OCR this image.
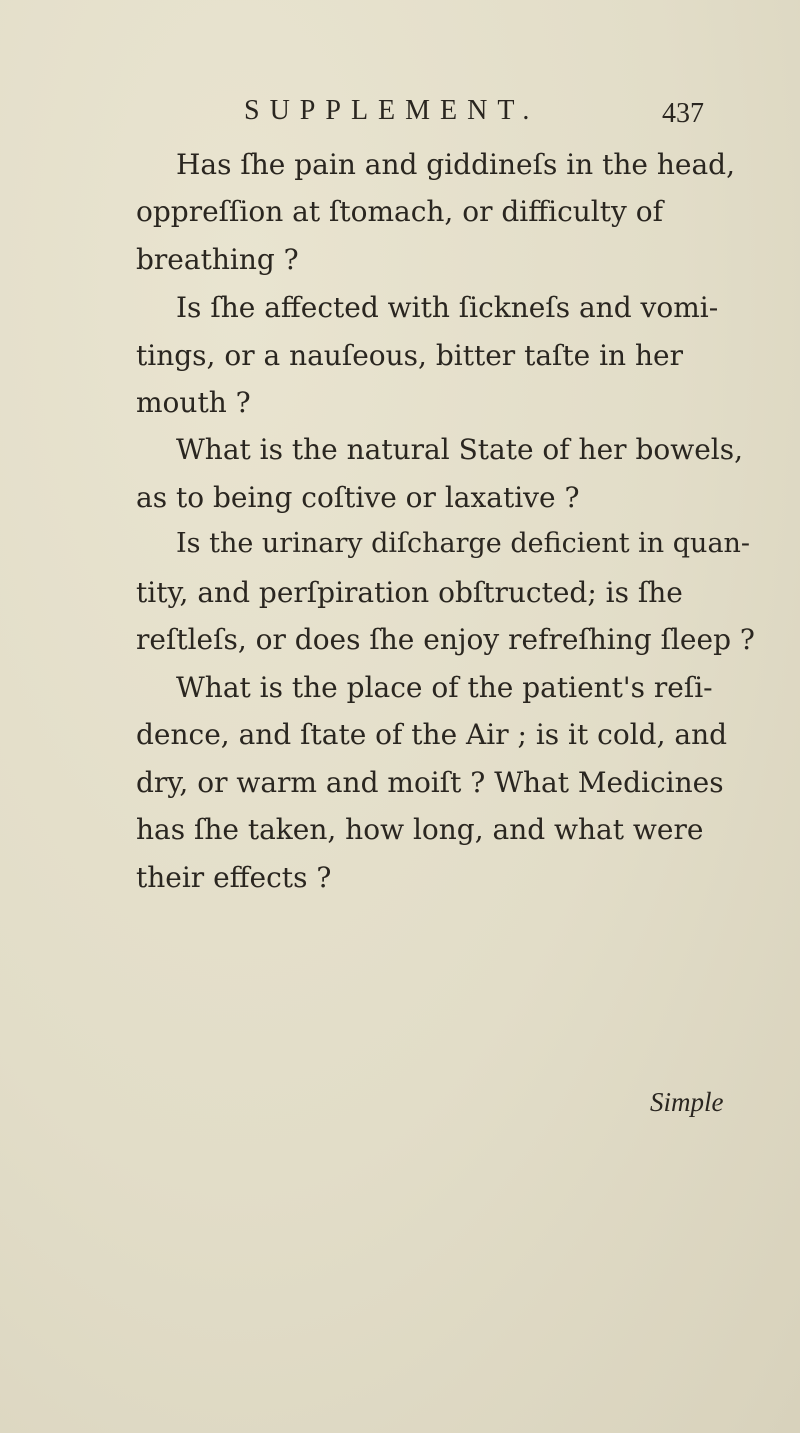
SUPPLEMENT.	437
Has ſhe pain and giddineſs in the head,
oppreſſion at ſtomach, or difficulty of
breathing ?
Is ſhe affected with ſickneſs and vomi-
tings, or a nauſeous, bitter taſte in her
mouth ?
What is the natural State of her bowels,
as to being coſtive or laxative ?
Is the urinary diſcharge deficient in quan-
tity, and perſpiration obſtructed; is ſhe
reſtleſs, or does ſhe enjoy refreſhing ſleep ?
What is the place of the patient's reſi-
dence, and ſtate of the Air ; is it cold, and
dry, or warm and moiſt ? What Medicines
has ſhe taken, how long, and what were
their effects ?
Simple
